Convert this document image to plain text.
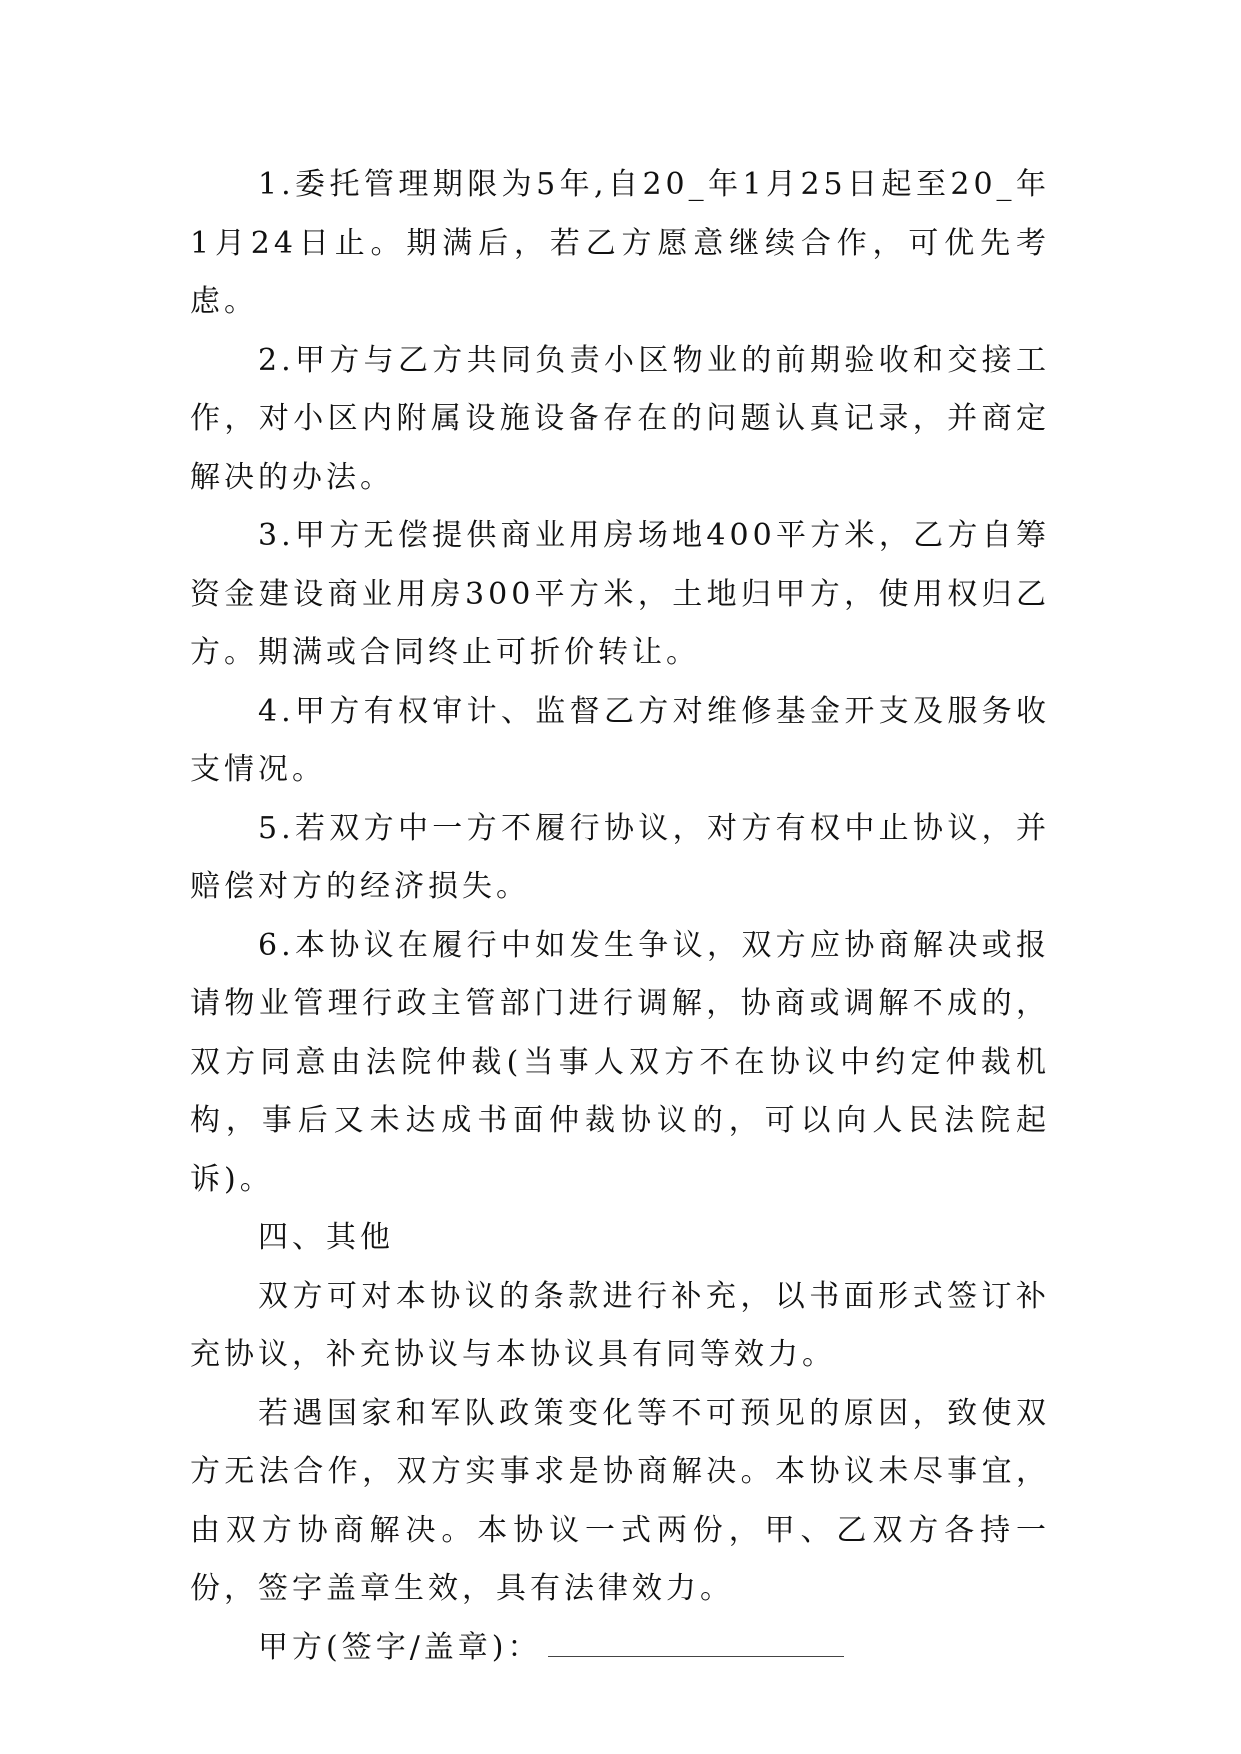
1.委托管理期限为5年,自20_年1月25日起至20_年1月24日止。期满后，若乙方愿意继续合作，可优先考虑。

2.甲方与乙方共同负责小区物业的前期验收和交接工作，对小区内附属设施设备存在的问题认真记录，并商定解决的办法。

3.甲方无偿提供商业用房场地400平方米，乙方自筹资金建设商业用房300平方米，土地归甲方，使用权归乙方。期满或合同终止可折价转让。

4.甲方有权审计、监督乙方对维修基金开支及服务收支情况。

5.若双方中一方不履行协议，对方有权中止协议，并赔偿对方的经济损失。

6.本协议在履行中如发生争议，双方应协商解决或报请物业管理行政主管部门进行调解，协商或调解不成的，双方同意由法院仲裁(当事人双方不在协议中约定仲裁机构，事后又未达成书面仲裁协议的，可以向人民法院起诉)。

四、其他

双方可对本协议的条款进行补充，以书面形式签订补充协议，补充协议与本协议具有同等效力。

若遇国家和军队政策变化等不可预见的原因，致使双方无法合作，双方实事求是协商解决。本协议未尽事宜，由双方协商解决。本协议一式两份，甲、乙双方各持一份，签字盖章生效，具有法律效力。

甲方(签字/盖章)：
